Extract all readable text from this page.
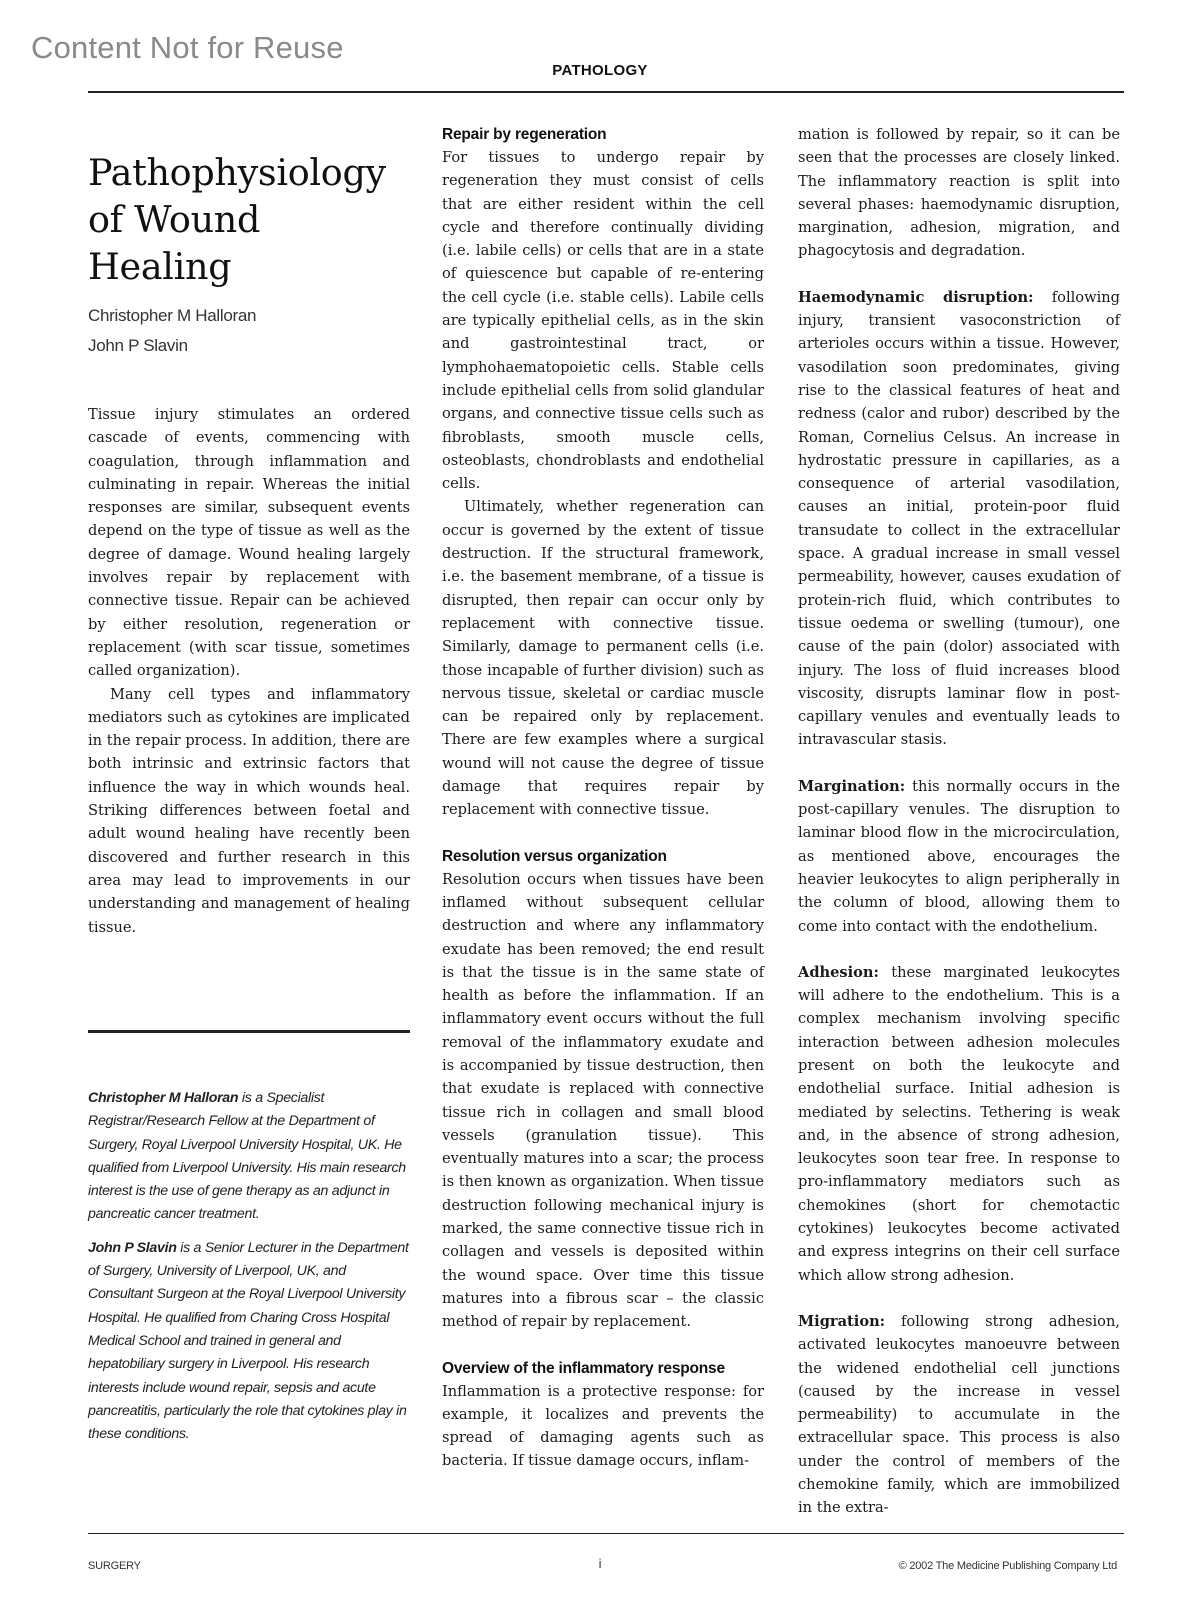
Content Not for Reuse
PATHOLOGY
Pathophysiology
of Wound Healing
Christopher M Halloran
John P Slavin

Tissue injury stimulates an ordered cascade of events, commencing with coagulation, through inflammation and culminating in repair. Whereas the initial responses are similar, subsequent events depend on the type of tissue as well as the degree of damage. Wound healing largely involves repair by replacement with connective tissue. Repair can be achieved by either resolution, regeneration or replacement (with scar tissue, sometimes called organization).

Many cell types and inflammatory mediators such as cytokines are implicated in the repair process. In addition, there are both intrinsic and extrinsic factors that influence the way in which wounds heal. Striking differences between foetal and adult wound healing have recently been discovered and further research in this area may lead to improvements in our understanding and management of healing tissue.

Christopher M Halloran is a Specialist Registrar/Research Fellow at the Department of Surgery, Royal Liverpool University Hospital, UK. He qualified from Liverpool University. His main research interest is the use of gene therapy as an adjunct in pancreatic cancer treatment.

John P Slavin is a Senior Lecturer in the Department of Surgery, University of Liverpool, UK, and Consultant Surgeon at the Royal Liverpool University Hospital. He qualified from Charing Cross Hospital Medical School and trained in general and hepatobiliary surgery in Liverpool. His research interests include wound repair, sepsis and acute pancreatitis, particularly the role that cytokines play in these conditions.

Repair by regeneration

For tissues to undergo repair by regeneration they must consist of cells that are either resident within the cell cycle and therefore continually dividing (i.e. labile cells) or cells that are in a state of quiescence but capable of re-entering the cell cycle (i.e. stable cells). Labile cells are typically epithelial cells, as in the skin and gastrointestinal tract, or lymphohaematopoietic cells. Stable cells include epithelial cells from solid glandular organs, and connective tissue cells such as fibroblasts, smooth muscle cells, osteoblasts, chondroblasts and endothelial cells.

Ultimately, whether regeneration can occur is governed by the extent of tissue destruction. If the structural framework, i.e. the basement membrane, of a tissue is disrupted, then repair can occur only by replacement with connective tissue. Similarly, damage to permanent cells (i.e. those incapable of further division) such as nervous tissue, skeletal or cardiac muscle can be repaired only by replacement. There are few examples where a surgical wound will not cause the degree of tissue damage that requires repair by replacement with connective tissue.

Resolution versus organization

Resolution occurs when tissues have been inflamed without subsequent cellular destruction and where any inflammatory exudate has been removed; the end result is that the tissue is in the same state of health as before the inflammation. If an inflammatory event occurs without the full removal of the inflammatory exudate and is accompanied by tissue destruction, then that exudate is replaced with connective tissue rich in collagen and small blood vessels (granulation tissue). This eventually matures into a scar; the process is then known as organization. When tissue destruction following mechanical injury is marked, the same connective tissue rich in collagen and vessels is deposited within the wound space. Over time this tissue matures into a fibrous scar – the classic method of repair by replacement.

Overview of the inflammatory response

Inflammation is a protective response: for example, it localizes and prevents the spread of damaging agents such as bacteria. If tissue damage occurs, inflam-

mation is followed by repair, so it can be seen that the processes are closely linked. The inflammatory reaction is split into several phases: haemodynamic disruption, margination, adhesion, migration, and phagocytosis and degradation.

Haemodynamic disruption: following injury, transient vasoconstriction of arterioles occurs within a tissue. However, vasodilation soon predominates, giving rise to the classical features of heat and redness (calor and rubor) described by the Roman, Cornelius Celsus. An increase in hydrostatic pressure in capillaries, as a consequence of arterial vasodilation, causes an initial, protein-poor fluid transudate to collect in the extracellular space. A gradual increase in small vessel permeability, however, causes exudation of protein-rich fluid, which contributes to tissue oedema or swelling (tumour), one cause of the pain (dolor) associated with injury. The loss of fluid increases blood viscosity, disrupts laminar flow in post-capillary venules and eventually leads to intravascular stasis.

Margination: this normally occurs in the post-capillary venules. The disruption to laminar blood flow in the microcirculation, as mentioned above, encourages the heavier leukocytes to align peripherally in the column of blood, allowing them to come into contact with the endothelium.

Adhesion: these marginated leukocytes will adhere to the endothelium. This is a complex mechanism involving specific interaction between adhesion molecules present on both the leukocyte and endothelial surface. Initial adhesion is mediated by selectins. Tethering is weak and, in the absence of strong adhesion, leukocytes soon tear free. In response to pro-inflammatory mediators such as chemokines (short for chemotactic cytokines) leukocytes become activated and express integrins on their cell surface which allow strong adhesion.

Migration: following strong adhesion, activated leukocytes manoeuvre between the widened endothelial cell junctions (caused by the increase in vessel permeability) to accumulate in the extracellular space. This process is also under the control of members of the chemokine family, which are immobilized in the extra-

SURGERY	i	© 2002 The Medicine Publishing Company Ltd
